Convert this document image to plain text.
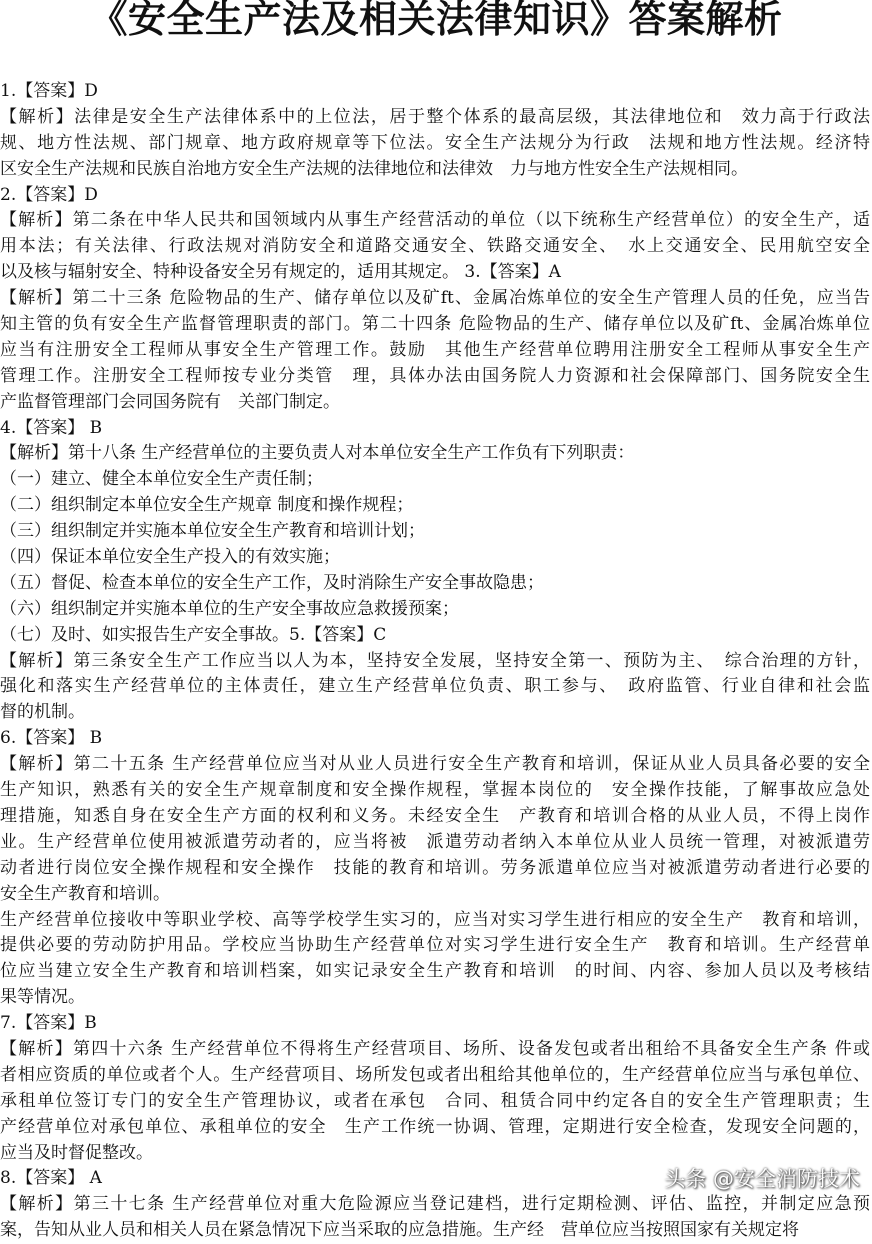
《安全生产法及相关法律知识》答案解析
1.【答案】D
【解析】法律是安全生产法律体系中的上位法，居于整个体系的最高层级，其法律地位和　效力高于行政法
规、地方性法规、部门规章、地方政府规章等下位法。安全生产法规分为行政　法规和地方性法规。经济特
区安全生产法规和民族自治地方安全生产法规的法律地位和法律效　力与地方性安全生产法规相同。
2.【答案】D
【解析】第二条在中华人民共和国领域内从事生产经营活动的单位（以下统称生产经营单位）的安全生产，适
用本法；有关法律、行政法规对消防安全和道路交通安全、铁路交通安全、　水上交通安全、民用航空安全
以及核与辐射安全、特种设备安全另有规定的，适用其规定。 3.【答案】A
【解析】第二十三条 危险物品的生产、储存单位以及矿ft、金属冶炼单位的安全生产管理人员的任免，应当告
知主管的负有安全生产监督管理职责的部门。第二十四条 危险物品的生产、储存单位以及矿ft、金属冶炼单位
应当有注册安全工程师从事安全生产管理工作。鼓励　其他生产经营单位聘用注册安全工程师从事安全生产
管理工作。注册安全工程师按专业分类管　理，具体办法由国务院人力资源和社会保障部门、国务院安全生
产监督管理部门会同国务院有　关部门制定。
4.【答案】 B
【解析】第十八条 生产经营单位的主要负责人对本单位安全生产工作负有下列职责：
（一）建立、健全本单位安全生产责任制；
（二）组织制定本单位安全生产规章 制度和操作规程；
（三）组织制定并实施本单位安全生产教育和培训计划；
（四）保证本单位安全生产投入的有效实施；
（五）督促、检查本单位的安全生产工作，及时消除生产安全事故隐患；
（六）组织制定并实施本单位的生产安全事故应急救援预案；
（七）及时、如实报告生产安全事故。5.【答案】C
【解析】第三条安全生产工作应当以人为本，坚持安全发展，坚持安全第一、预防为主、　综合治理的方针，
强化和落实生产经营单位的主体责任，建立生产经营单位负责、职工参与、　政府监管、行业自律和社会监
督的机制。
6.【答案】 B
【解析】第二十五条 生产经营单位应当对从业人员进行安全生产教育和培训，保证从业人员具备必要的安全
生产知识，熟悉有关的安全生产规章制度和安全操作规程，掌握本岗位的　安全操作技能，了解事故应急处
理措施，知悉自身在安全生产方面的权利和义务。未经安全生　产教育和培训合格的从业人员，不得上岗作
业。生产经营单位使用被派遣劳动者的，应当将被　派遣劳动者纳入本单位从业人员统一管理，对被派遣劳
动者进行岗位安全操作规程和安全操作　技能的教育和培训。劳务派遣单位应当对被派遣劳动者进行必要的
安全生产教育和培训。
生产经营单位接收中等职业学校、高等学校学生实习的，应当对实习学生进行相应的安全生产　教育和培训，
提供必要的劳动防护用品。学校应当协助生产经营单位对实习学生进行安全生产　教育和培训。生产经营单
位应当建立安全生产教育和培训档案，如实记录安全生产教育和培训　的时间、内容、参加人员以及考核结
果等情况。
7.【答案】B
【解析】第四十六条 生产经营单位不得将生产经营项目、场所、设备发包或者出租给不具备安全生产条 件或
者相应资质的单位或者个人。生产经营项目、场所发包或者出租给其他单位的，生产经营单位应当与承包单位、
承租单位签订专门的安全生产管理协议，或者在承包　合同、租赁合同中约定各自的安全生产管理职责；生
产经营单位对承包单位、承租单位的安全　生产工作统一协调、管理，定期进行安全检查，发现安全问题的，
应当及时督促整改。
8.【答案】 A
【解析】第三十七条 生产经营单位对重大危险源应当登记建档，进行定期检测、评估、监控，并制定应急预
案，告知从业人员和相关人员在紧急情况下应当采取的应急措施。生产经　营单位应当按照国家有关规定将
头条 @安全消防技术
